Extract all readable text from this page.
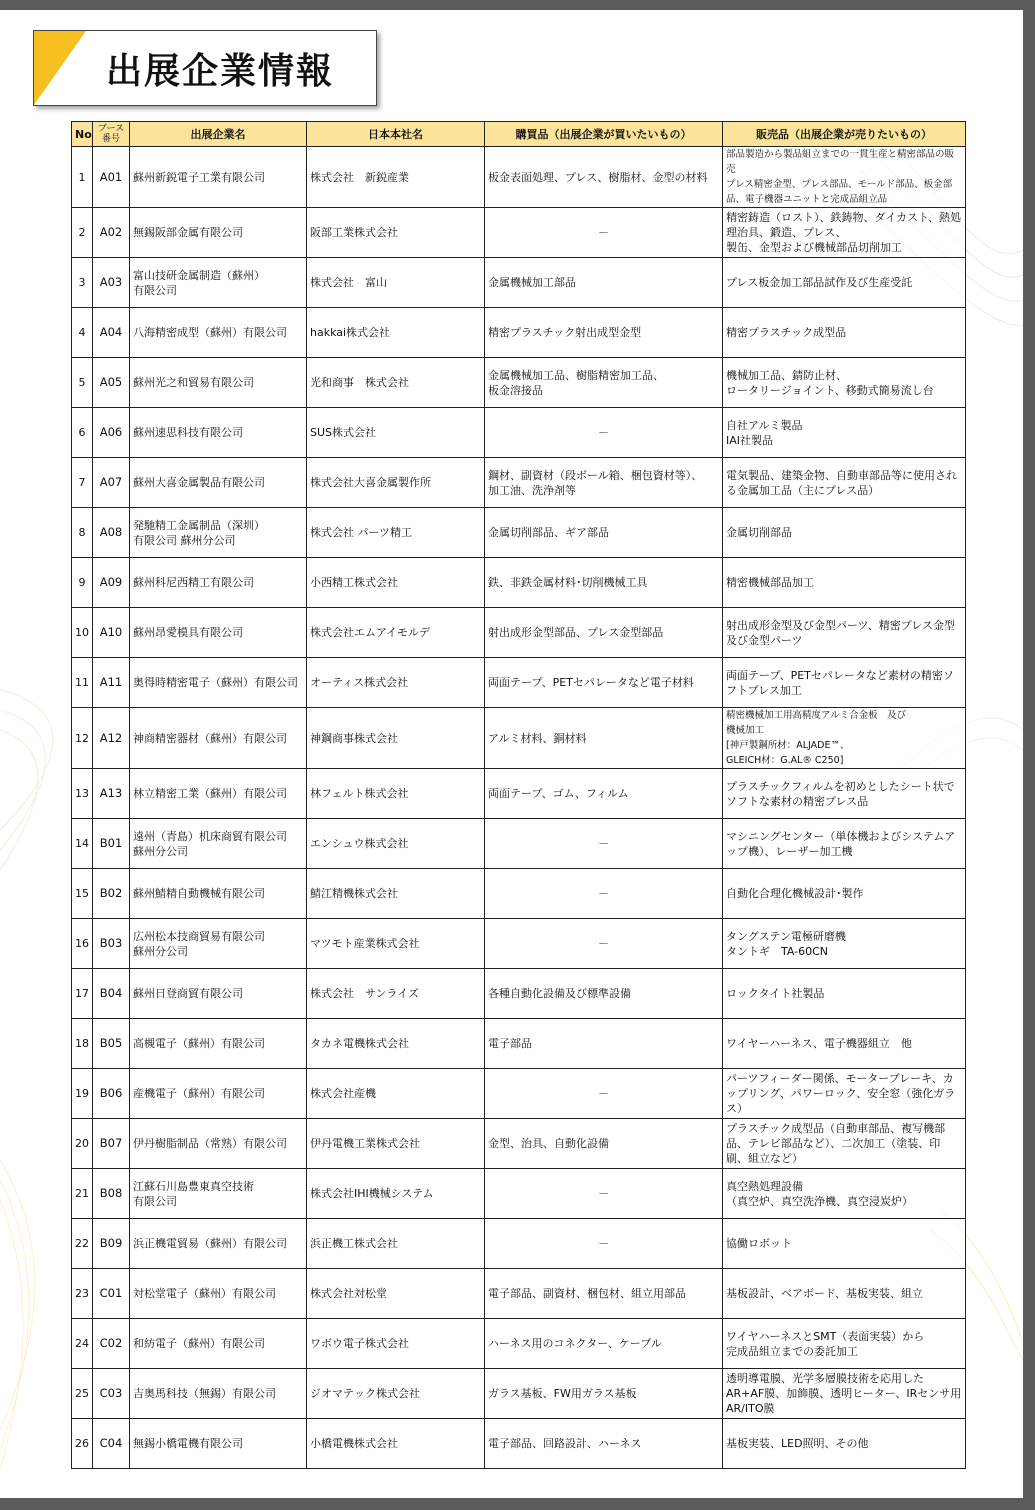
出展企業情報
No	ブース番号	出展企業名	日本本社名	購買品（出展企業が買いたいもの）	販売品（出展企業が売りたいもの）
1	A01	蘇州新鋭電子工業有限公司	株式会社　新鋭産業	板金表面処理、プレス、樹脂材、金型の材料	部品製造から製品組立までの一貫生産と精密部品の販売
プレス精密金型、プレス部品、モールド部品、板金部品、電子機器ユニットと完成品組立品
2	A02	無錫阪部金属有限公司	阪部工業株式会社	－	精密鋳造（ロスト）、鉄鋳物、ダイカスト、熱処理治具、鍛造、プレス、
製缶、金型および機械部品切削加工
3	A03	富山技研金属制造（蘇州）
有限公司	株式会社　富山	金属機械加工部品	プレス板金加工部品試作及び生産受託
4	A04	八海精密成型（蘇州）有限公司	hakkai株式会社	精密プラスチック射出成型金型	精密プラスチック成型品
5	A05	蘇州光之和貿易有限公司	光和商事　株式会社	金属機械加工品、樹脂精密加工品、
板金溶接品	機械加工品、錆防止材、
ロータリージョイント、移動式簡易流し台
6	A06	蘇州速思科技有限公司	SUS株式会社	－	自社アルミ製品
IAI社製品
7	A07	蘇州大喜金属製品有限公司	株式会社大喜金属製作所	鋼材、副資材（段ボール箱、梱包資材等）、
加工油、洗浄剤等	電気製品、建築金物、自動車部品等に使用される金属加工品（主にプレス品）
8	A08	発馳精工金属制品（深圳）
有限公司 蘇州分公司	株式会社 パーツ精工	金属切削部品、ギア部品	金属切削部品
9	A09	蘇州科尼西精工有限公司	小西精工株式会社	鉄、非鉄金属材料･切削機械工具	精密機械部品加工
10	A10	蘇州昂愛模具有限公司	株式会社エムアイモルデ	射出成形金型部品、プレス金型部品	射出成形金型及び金型パーツ、精密プレス金型及び金型パーツ
11	A11	奥得時精密電子（蘇州）有限公司	オーティス株式会社	両面テープ、PETセパレータなど電子材料	両面テープ、PETセパレータなど素材の精密ソフトプレス加工
12	A12	神商精密器材（蘇州）有限公司	神鋼商事株式会社	アルミ材料、銅材料	精密機械加工用高精度アルミ合金板　及び
機械加工
[神戸製鋼所材：ALJADE™、
GLEICH材：G.AL® C250]
13	A13	林立精密工業（蘇州）有限公司	林フェルト株式会社	両面テープ、ゴム、フィルム	プラスチックフィルムを初めとしたシート状でソフトな素材の精密プレス品
14	B01	遠州（青島）机床商貿有限公司
蘇州分公司	エンシュウ株式会社	－	マシニングセンター（単体機およびシステムアップ機）、レーザー加工機
15	B02	蘇州鯖精自動機械有限公司	鯖江精機株式会社	－	自動化合理化機械設計･製作
16	B03	広州松本技商貿易有限公司
蘇州分公司	マツモト産業株式会社	－	タングステン電極研磨機
タントギ　TA-60CN
17	B04	蘇州日登商貿有限公司	株式会社　サンライズ	各種自動化設備及び標準設備	ロックタイト社製品
18	B05	高槻電子（蘇州）有限公司	タカネ電機株式会社	電子部品	ワイヤーハーネス、電子機器組立　他
19	B06	産機電子（蘇州）有限公司	株式会社産機	－	パーツフィーダー関係、モーターブレーキ、カップリング、パワーロック、安全窓（強化ガラス）
20	B07	伊丹樹脂制品（常熟）有限公司	伊丹電機工業株式会社	金型、治具、自動化設備	プラスチック成型品（自動車部品、複写機部品、テレビ部品など）、二次加工（塗装、印刷、組立など）
21	B08	江蘇石川島豊東真空技術
有限公司	株式会社IHI機械システム	－	真空熱処理設備
（真空炉、真空洗浄機、真空浸炭炉）
22	B09	浜正機電貿易（蘇州）有限公司	浜正機工株式会社	－	協働ロボット
23	C01	対松堂電子（蘇州）有限公司	株式会社対松堂	電子部品、副資材、梱包材、組立用部品	基板設計、ベアボード、基板実装、組立
24	C02	和紡電子（蘇州）有限公司	ワボウ電子株式会社	ハーネス用のコネクター、ケーブル	ワイヤハーネスとSMT（表面実装）から
完成品組立までの委託加工
25	C03	吉奥馬科技（無錫）有限公司	ジオマテック株式会社	ガラス基板、FW用ガラス基板	透明導電膜、光学多層膜技術を応用したAR+AF膜、加飾膜、透明ヒーター、IRセンサ用AR/ITO膜
26	C04	無錫小橋電機有限公司	小橋電機株式会社	電子部品、回路設計、ハーネス	基板実装、LED照明、その他
